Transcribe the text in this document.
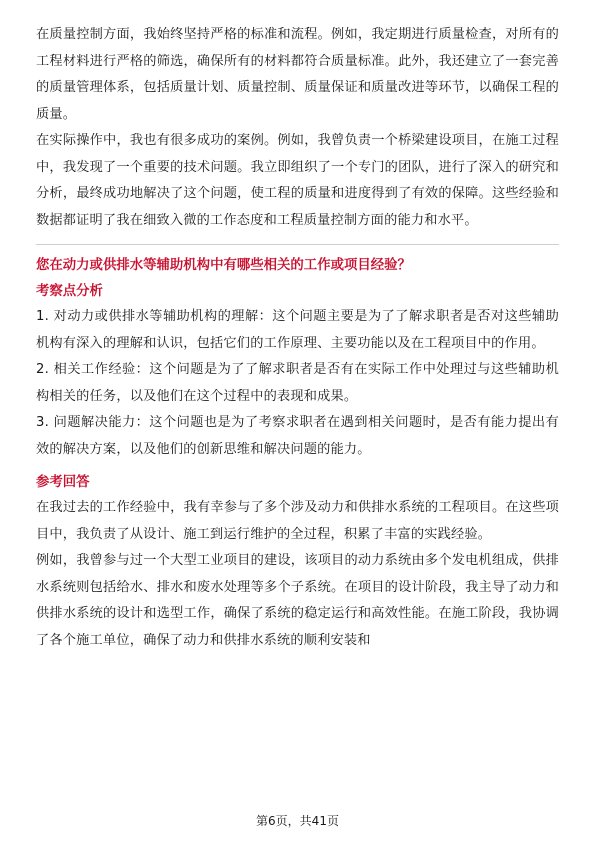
在质量控制方面，我始终坚持严格的标准和流程。例如，我定期进行质量检查，对所有的工程材料进行严格的筛选，确保所有的材料都符合质量标准。此外，我还建立了一套完善的质量管理体系，包括质量计划、质量控制、质量保证和质量改进等环节，以确保工程的质量。

在实际操作中，我也有很多成功的案例。例如，我曾负责一个桥梁建设项目，在施工过程中，我发现了一个重要的技术问题。我立即组织了一个专门的团队，进行了深入的研究和分析，最终成功地解决了这个问题，使工程的质量和进度得到了有效的保障。这些经验和数据都证明了我在细致入微的工作态度和工程质量控制方面的能力和水平。

您在动力或供排水等辅助机构中有哪些相关的工作或项目经验？

考察点分析

1. 对动力或供排水等辅助机构的理解：这个问题主要是为了了解求职者是否对这些辅助机构有深入的理解和认识，包括它们的工作原理、主要功能以及在工程项目中的作用。

2. 相关工作经验：这个问题是为了了解求职者是否有在实际工作中处理过与这些辅助机构相关的任务，以及他们在这个过程中的表现和成果。

3. 问题解决能力：这个问题也是为了考察求职者在遇到相关问题时，是否有能力提出有效的解决方案，以及他们的创新思维和解决问题的能力。

参考回答

在我过去的工作经验中，我有幸参与了多个涉及动力和供排水系统的工程项目。在这些项目中，我负责了从设计、施工到运行维护的全过程，积累了丰富的实践经验。

例如，我曾参与过一个大型工业项目的建设，该项目的动力系统由多个发电机组成，供排水系统则包括给水、排水和废水处理等多个子系统。在项目的设计阶段，我主导了动力和供排水系统的设计和选型工作，确保了系统的稳定运行和高效性能。在施工阶段，我协调了各个施工单位，确保了动力和供排水系统的顺利安装和

第6页，共41页
